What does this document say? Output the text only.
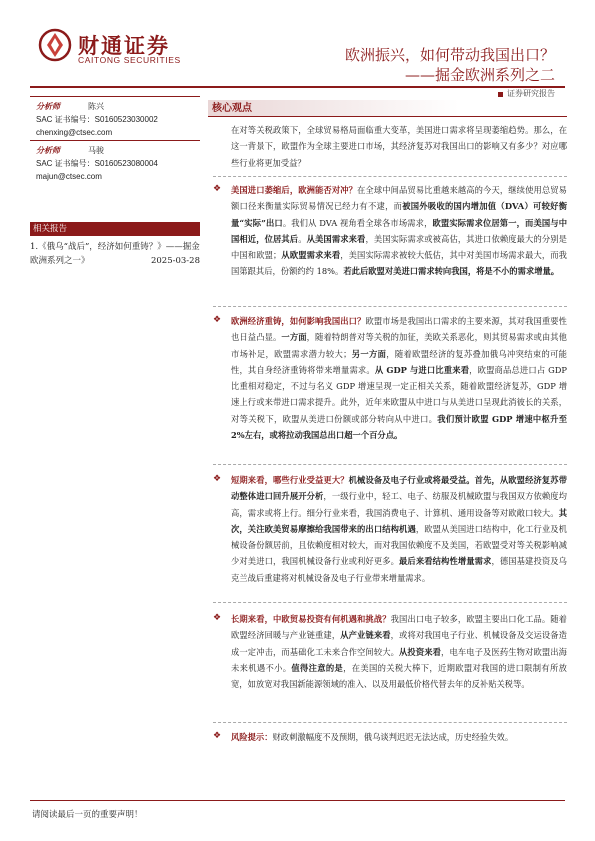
财通证券
CAITONG SECURITIES	欧洲振兴，如何带动我国出口？
——掘金欧洲系列之二
证券研究报告
分析师	陈兴
SAC 证书编号：S0160523030002
chenxing@ctsec.com
分析师	马骏
SAC 证书编号：S0160523080004
majun@ctsec.com
相关报告
1.《俄乌“战后”，经济如何重铸？》——掘金欧洲系列之一》	2025-03-28
核心观点
在对等关税政策下，全球贸易格局面临重大变革，美国进口需求将呈现萎缩趋势。那么，在这一背景下，欧盟作为全球主要进口市场，其经济复苏对我国出口的影响又有多少？对应哪些行业将更加受益？
❖ 美国进口萎缩后，欧洲能否对冲？在全球中间品贸易比重越来越高的今天，继续使用总贸易额口径来衡量实际贸易情况已经力有不逮，而被国外吸收的国内增加值（DVA）可较好衡量“实际”出口。我们从 DVA 视角看全球各市场需求，欧盟实际需求位居第一，而美国与中国相近，位居其后。从美国需求来看，美国实际需求或被高估，其进口依赖度最大的分别是中国和欧盟；从欧盟需求来看，美国实际需求被较大低估，其中对美国市场需求最大，而我国第跟其后，份额约约 18%。若此后欧盟对美进口需求转向我国，将是不小的需求增量。
❖ 欧洲经济重铸，如何影响我国出口？欧盟市场是我国出口需求的主要来源，其对我国重要性也日益凸显。一方面，随着特朗普对等关税的加征，美欧关系恶化，则其贸易需求或由其他市场补足，欧盟需求潜力较大；另一方面，随着欧盟经济的复苏叠加俄乌冲突结束的可能性，其自身经济重铸将带来增量需求。从 GDP 与进口比重来看，欧盟商品总进口占 GDP 比重相对稳定，不过与名义 GDP 增速呈现一定正相关关系，随着欧盟经济复苏，GDP 增速上行或来带进口需求提升。此外，近年来欧盟从中进口与从美进口呈现此消彼长的关系，对等关税下，欧盟从美进口份额或部分转向从中进口。我们预计欧盟 GDP 增速中枢升至 2%左右，或将拉动我国总出口超一个百分点。
❖ 短期来看，哪些行业受益更大？机械设备及电子行业或将最受益。首先，从欧盟经济复苏带动整体进口回升展开分析，一级行业中，轻工、电子、纺服及机械欧盟与我国双方依赖度均高，需求或将上行。细分行业来看，我国消费电子、计算机、通用设备等对欧敞口较大。其次，关注欧美贸易摩擦给我国带来的出口结构机遇，欧盟从美国进口结构中，化工行业及机械设备份额居前，且依赖度相对较大，而对我国依赖度不及美国，若欧盟受对等关税影响减少对美进口，我国机械设备行业或利好更多。最后来看结构性增量需求，德国基建投资及乌克兰战后重建将对机械设备及电子行业带来增量需求。
❖ 长期来看，中欧贸易投资有何机遇和挑战？我国出口电子较多，欧盟主要出口化工品。随着欧盟经济回暖与产业链重建，从产业链来看，或将对我国电子行业、机械设备及交运设备造成一定冲击，而基础化工未来合作空间较大。从投资来看，电车电子及医药生物对欧盟出海未来机遇不小。值得注意的是，在美国的关税大棒下，近期欧盟对我国的进口限制有所放宽，如放宽对我国新能源领域的准入、以及用最低价格代替去年的反补贴关税等。
❖ 风险提示：财政刺激幅度不及预期，俄乌谈判迟迟无法达成，历史经验失效。
请阅读最后一页的重要声明！
